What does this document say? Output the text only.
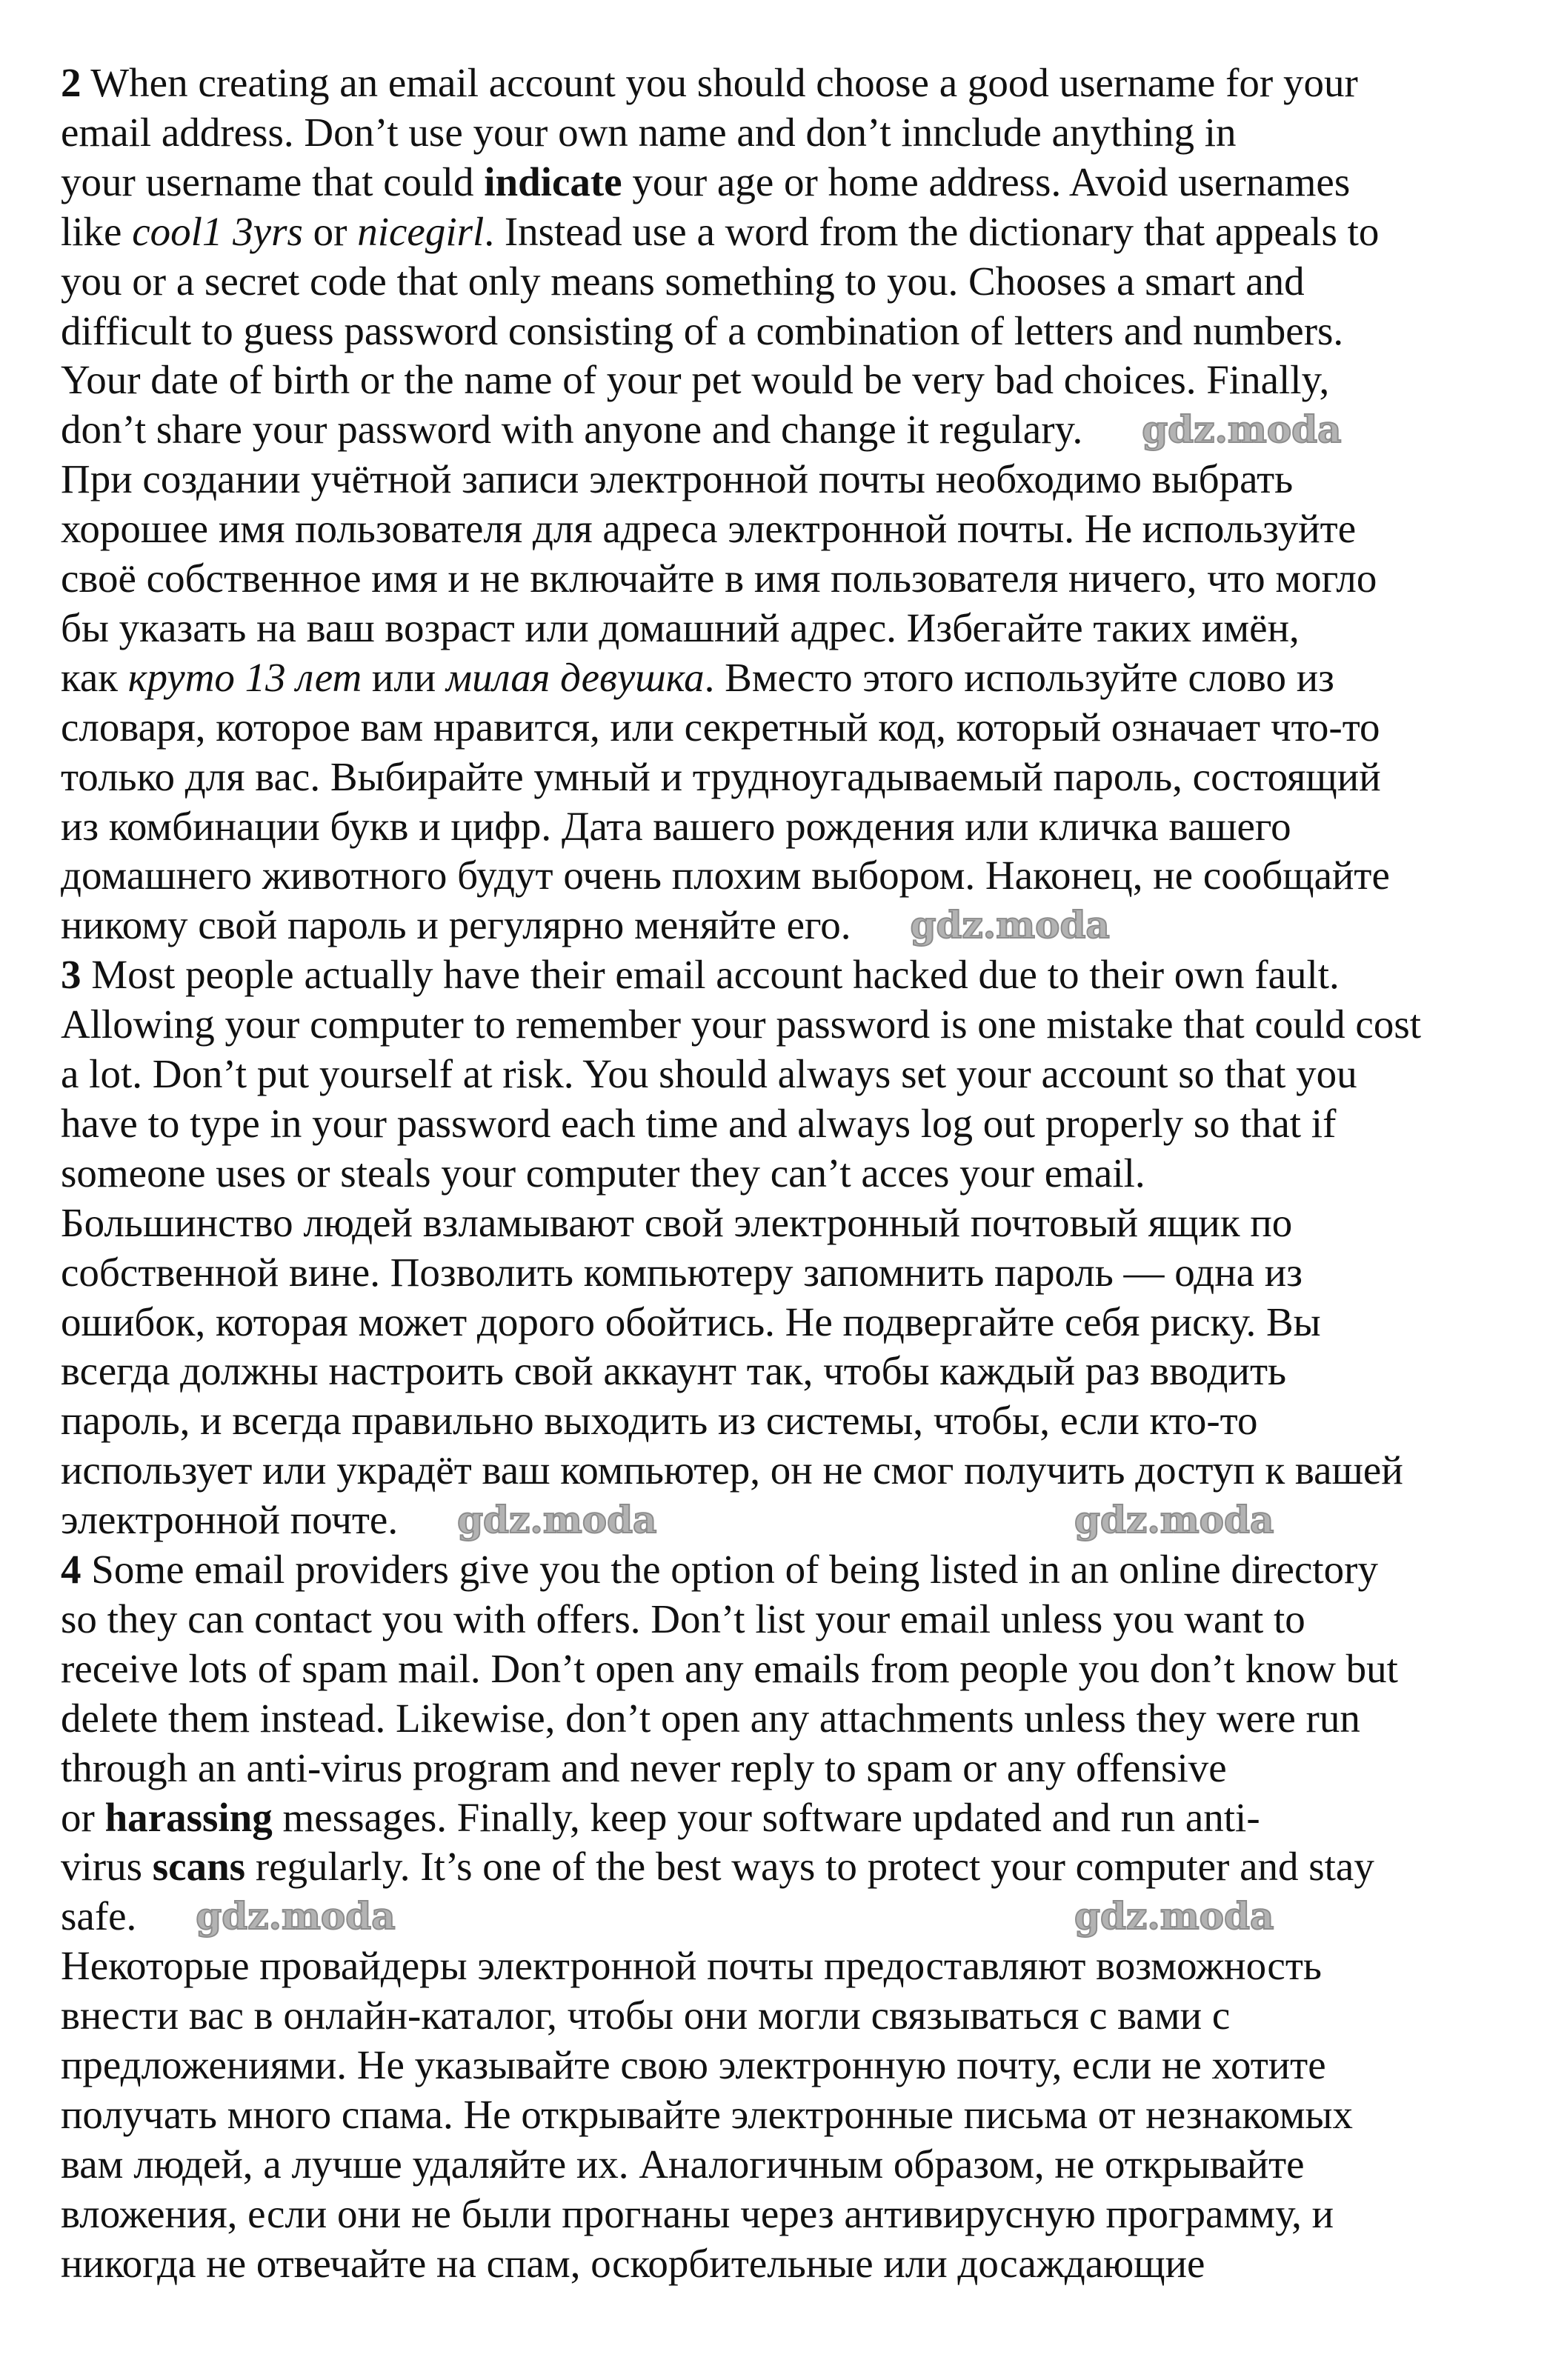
2 When creating an email account you should choose a good username for your
email address. Don’t use your own name and don’t innclude anything in
your username that could indicate your age or home address. Avoid usernames
like cool1 3yrs or nicegirl. Instead use a word from the dictionary that appeals to
you or a secret code that only means something to you. Chooses a smart and
difficult to guess password consisting of a combination of letters and numbers.
Your date of birth or the name of your pet would be very bad choices. Finally,
don’t share your password with anyone and change it regulary.
При создании учётной записи электронной почты необходимо выбрать
хорошее имя пользователя для адреса электронной почты. Не используйте
своё собственное имя и не включайте в имя пользователя ничего, что могло
бы указать на ваш возраст или домашний адрес. Избегайте таких имён,
как круто 13 лет или милая девушка. Вместо этого используйте слово из
словаря, которое вам нравится, или секретный код, который означает что-то
только для вас. Выбирайте умный и трудноугадываемый пароль, состоящий
из комбинации букв и цифр. Дата вашего рождения или кличка вашего
домашнего животного будут очень плохим выбором. Наконец, не сообщайте
никому свой пароль и регулярно меняйте его.
3 Most people actually have their email account hacked due to their own fault.
Allowing your computer to remember your password is one mistake that could cost
a lot. Don’t put yourself at risk. You should always set your account so that you
have to type in your password each time and always log out properly so that if
someone uses or steals your computer they can’t acces your email.
Большинство людей взламывают свой электронный почтовый ящик по
собственной вине. Позволить компьютеру запомнить пароль — одна из
ошибок, которая может дорого обойтись. Не подвергайте себя риску. Вы
всегда должны настроить свой аккаунт так, чтобы каждый раз вводить
пароль, и всегда правильно выходить из системы, чтобы, если кто-то
использует или украдёт ваш компьютер, он не смог получить доступ к вашей
электронной почте.
4 Some email providers give you the option of being listed in an online directory
so they can contact you with offers. Don’t list your email unless you want to
receive lots of spam mail. Don’t open any emails from people you don’t know but
delete them instead. Likewise, don’t open any attachments unless they were run
through an anti-virus program and never reply to spam or any offensive
or harassing messages. Finally, keep your software updated and run anti-
virus scans regularly. It’s one of the best ways to protect your computer and stay
safe.
Некоторые провайдеры электронной почты предоставляют возможность
внести вас в онлайн-каталог, чтобы они могли связываться с вами с
предложениями. Не указывайте свою электронную почту, если не хотите
получать много спама. Не открывайте электронные письма от незнакомых
вам людей, а лучше удаляйте их. Аналогичным образом, не открывайте
вложения, если они не были прогнаны через антивирусную программу, и
никогда не отвечайте на спам, оскорбительные или досаждающие
gdz.moda
gdz.moda
gdz.moda	gdz.moda
gdz.moda	gdz.moda
